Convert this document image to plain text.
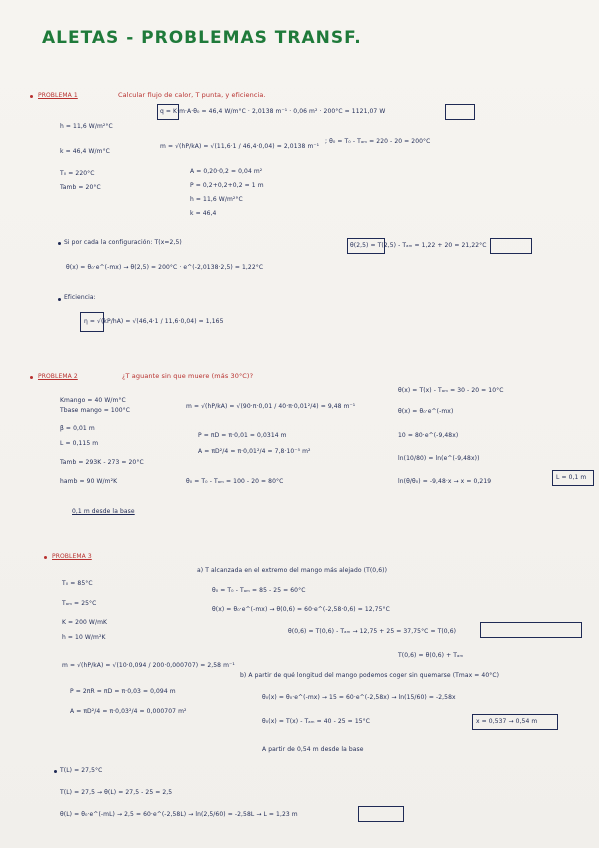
ALETAS - PROBLEMAS TRANSF.
PROBLEMA 1	Calcular flujo de calor, T punta, y eficiencia.
h = 11,6 W/m²°C
k = 46,4 W/m°C
T₀ = 220°C
Tamb = 20°C
q = K·m·A·θ₀ = 46,4 W/m°C · 2,0138 m⁻¹ · 0,06 m² · 200°C = 1121,07 W
m = √(hP/kA) = √(11,6·1 / 46,4·0,04) = 2,0138 m⁻¹
; θ₀ = T₀ - Tₐₘ = 220 - 20 = 200°C
A = 0,20·0,2 = 0,04 m²
P = 0,2+0,2+0,2 = 1 m
h = 11,6 W/m²°C
k = 46,4
Si por cada la configuración: T(x=2,5)
θ(x) = θ₀·e^(-mx) → θ(2,5) = 200°C · e^(-2,0138·2,5) = 1,22°C
θ(2,5) = T(2,5) - Tₐₘ = 1,22 + 20 = 21,22°C
Eficiencia:
η = √(kP/hA) = √(46,4·1 / 11,6·0,04) = 1,165
PROBLEMA 2	¿T aguante sin que muere (más 30°C)?
Kmango = 40 W/m°C
Tbase mango = 100°C
β = 0,01 m
L = 0,115 m
Tamb = 293K - 273 = 20°C
hamb = 90 W/m²K
m = √(hP/kA) = √(90·π·0,01 / 40·π·0,01²/4) = 9,48 m⁻¹
P = πD = π·0,01 = 0,0314 m
A = πD²/4 = π·0,01²/4 = 7,8·10⁻⁵ m²
θ₀ = T₀ - Tₐₘ = 100 - 20 = 80°C
θ(x) = T(x) - Tₐₘ = 30 - 20 = 10°C
θ(x) = θ₀·e^(-mx)
10 = 80·e^(-9,48x)
ln(10/80) = ln(e^(-9,48x))
ln(θ/θ₀) = -9,48·x → x = 0,219
L = 0,1 m
0,1 m desde la base
PROBLEMA 3
T₀ = 85°C
Tₐₘ = 25°C
K = 200 W/mK
h = 10 W/m²K
m = √(hP/kA) = √(10·0,094 / 200·0,000707) = 2,58 m⁻¹
P = 2πR = πD = π·0,03 = 0,094 m
A = πD²/4 = π·0,03²/4 = 0,000707 m²
a) T alcanzada en el extremo del mango más alejado (T(0,6))
θ₀ = T₀ - Tₐₘ = 85 - 25 = 60°C
θ(x) = θ₀·e^(-mx) → θ(0,6) = 60·e^(-2,58·0,6) = 12,75°C
θ(0,6) = T(0,6) - Tₐₘ → 12,75 + 25 = 37,75°C = T(0,6)
T(0,6) = θ(0,6) + Tₐₘ
b) A partir de qué longitud del mango podemos coger sin quemarse (Tmax = 40°C)
θ₀(x) = θ₀·e^(-mx) → 15 = 60·e^(-2,58x) → ln(15/60) = -2,58x
θ₀(x) = T(x) - Tₐₘ = 40 - 25 = 15°C	x = 0,537 → 0,54 m
A partir de 0,54 m desde la base
T(L) = 27,5°C
T(L) = 27,5 → θ(L) = 27,5 - 25 = 2,5
θ(L) = θ₀·e^(-mL) → 2,5 = 60·e^(-2,58L) → ln(2,5/60) = -2,58L → L = 1,23 m
